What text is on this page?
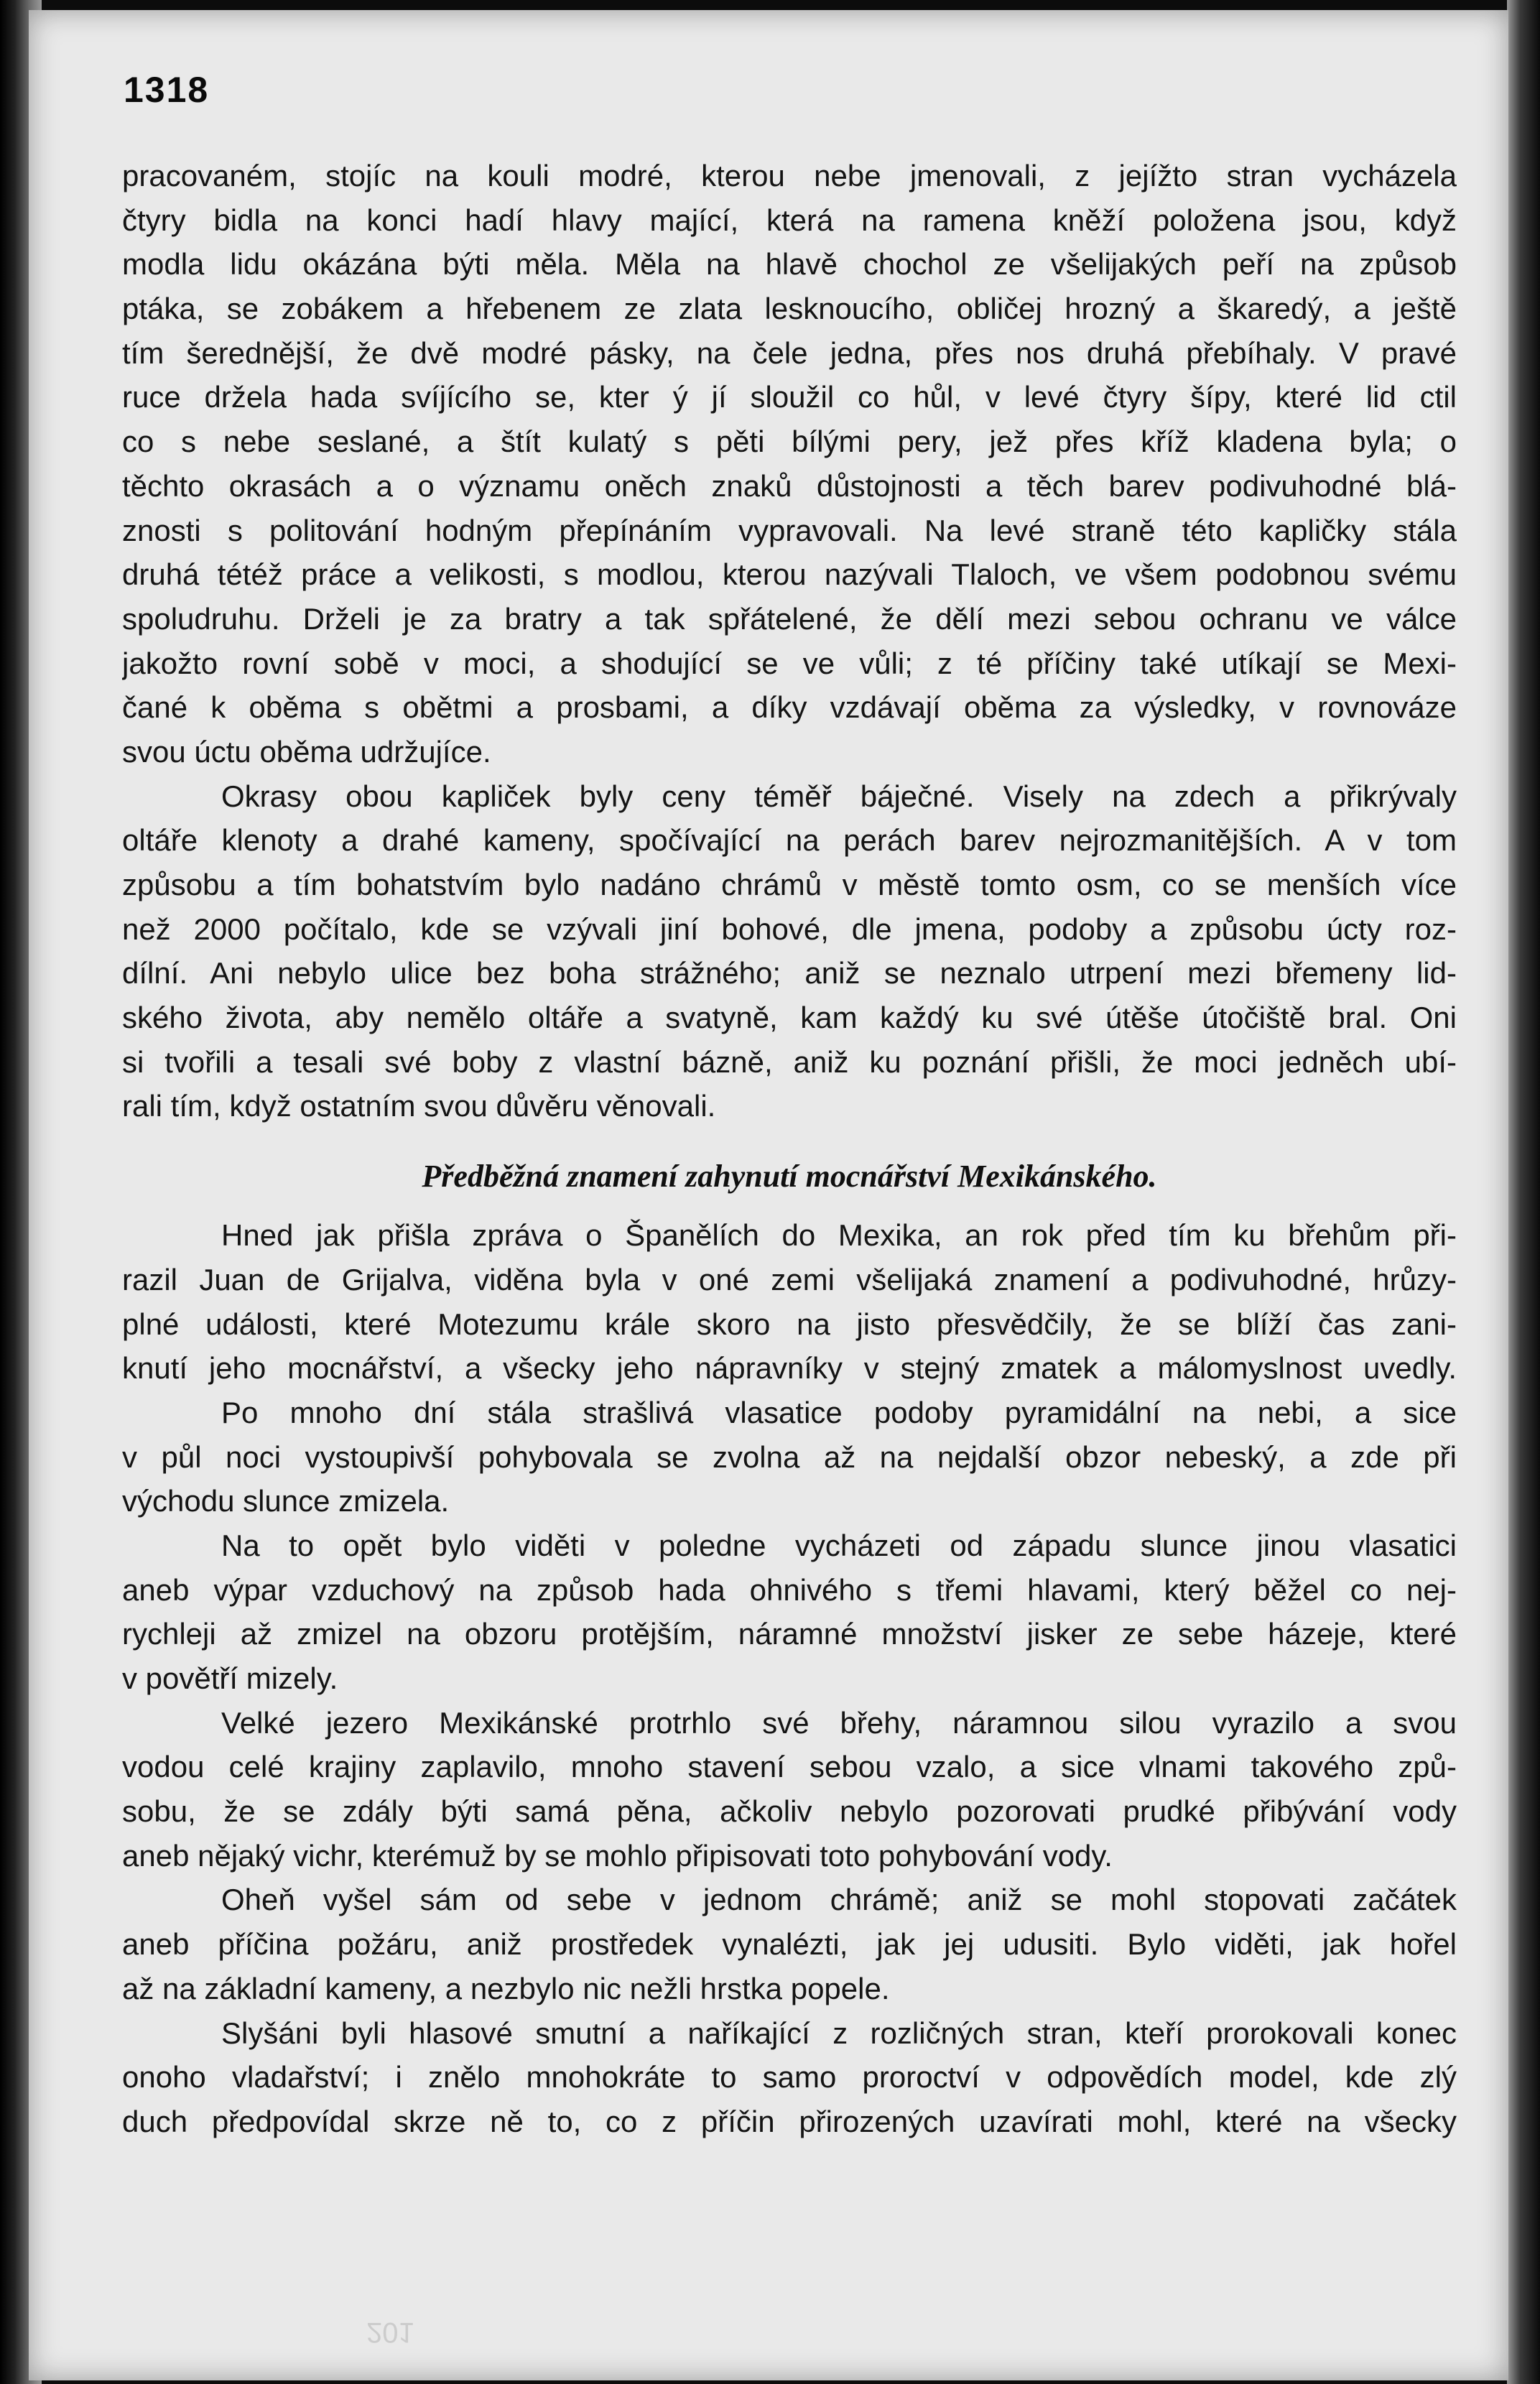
1318
pracovaném, stojíc na kouli modré, kterou nebe jmenovali, z jejížto stran vycházela
čtyry bidla na konci hadí hlavy mající, která na ramena kněží položena jsou, když
modla lidu okázána býti měla. Měla na hlavě chochol ze všelijakých peří na způsob
ptáka, se zobákem a hřebenem ze zlata lesknoucího, obličej hrozný a škaredý, a ještě
tím šerednější, že dvě modré pásky, na čele jedna, přes nos druhá přebíhaly. V pravé
ruce držela hada svíjícího se, kter ý jí sloužil co hůl, v levé čtyry šípy, které lid ctil
co s nebe seslané, a štít kulatý s pěti bílými pery, jež přes kříž kladena byla; o
těchto okrasách a o významu oněch znaků důstojnosti a těch barev podivuhodné blá-
znosti s politování hodným přepínáním vypravovali. Na levé straně této kapličky stála
druhá tétéž práce a velikosti, s modlou, kterou nazývali Tlaloch, ve všem podobnou svému
spoludruhu. Drželi je za bratry a tak spřátelené, že dělí mezi sebou ochranu ve válce
jakožto rovní sobě v moci, a shodující se ve vůli; z té příčiny také utíkají se Mexi-
čané k oběma s obětmi a prosbami, a díky vzdávají oběma za výsledky, v rovnováze
svou úctu oběma udržujíce.
Okrasy obou kapliček byly ceny téměř báječné. Visely na zdech a přikrývaly
oltáře klenoty a drahé kameny, spočívající na perách barev nejrozmanitějších. A v tom
způsobu a tím bohatstvím bylo nadáno chrámů v městě tomto osm, co se menších více
než 2000 počítalo, kde se vzývali jiní bohové, dle jmena, podoby a způsobu úcty roz-
dílní. Ani nebylo ulice bez boha strážného; aniž se neznalo utrpení mezi břemeny lid-
ského života, aby nemělo oltáře a svatyně, kam každý ku své útěše útočiště bral. Oni
si tvořili a tesali své boby z vlastní bázně, aniž ku poznání přišli, že moci jedněch ubí-
rali tím, když ostatním svou důvěru věnovali.
Předběžná znamení zahynutí mocnářství Mexikánského.
Hned jak přišla zpráva o Španělích do Mexika, an rok před tím ku břehům při-
razil Juan de Grijalva, viděna byla v oné zemi všelijaká znamení a podivuhodné, hrůzy-
plné události, které Motezumu krále skoro na jisto přesvědčily, že se blíží čas zani-
knutí jeho mocnářství, a všecky jeho nápravníky v stejný zmatek a málomyslnost uvedly.
Po mnoho dní stála strašlivá vlasatice podoby pyramidální na nebi, a sice
v půl noci vystoupivší pohybovala se zvolna až na nejdalší obzor nebeský, a zde při
východu slunce zmizela.
Na to opět bylo viděti v poledne vycházeti od západu slunce jinou vlasatici
aneb výpar vzduchový na způsob hada ohnivého s třemi hlavami, který běžel co nej-
rychleji až zmizel na obzoru protějším, náramné množství jisker ze sebe házeje, které
v povětří mizely.
Velké jezero Mexikánské protrhlo své břehy, náramnou silou vyrazilo a svou
vodou celé krajiny zaplavilo, mnoho stavení sebou vzalo, a sice vlnami takového způ-
sobu, že se zdály býti samá pěna, ačkoliv nebylo pozorovati prudké přibývání vody
aneb nějaký vichr, kterémuž by se mohlo připisovati toto pohybování vody.
Oheň vyšel sám od sebe v jednom chrámě; aniž se mohl stopovati začátek
aneb příčina požáru, aniž prostředek vynalézti, jak jej udusiti. Bylo viděti, jak hořel
až na základní kameny, a nezbylo nic nežli hrstka popele.
Slyšáni byli hlasové smutní a naříkající z rozličných stran, kteří prorokovali konec
onoho vladařství; i znělo mnohokráte to samo proroctví v odpovědích model, kde zlý
duch předpovídal skrze ně to, co z příčin přirozených uzavírati mohl, které na všecky
201
